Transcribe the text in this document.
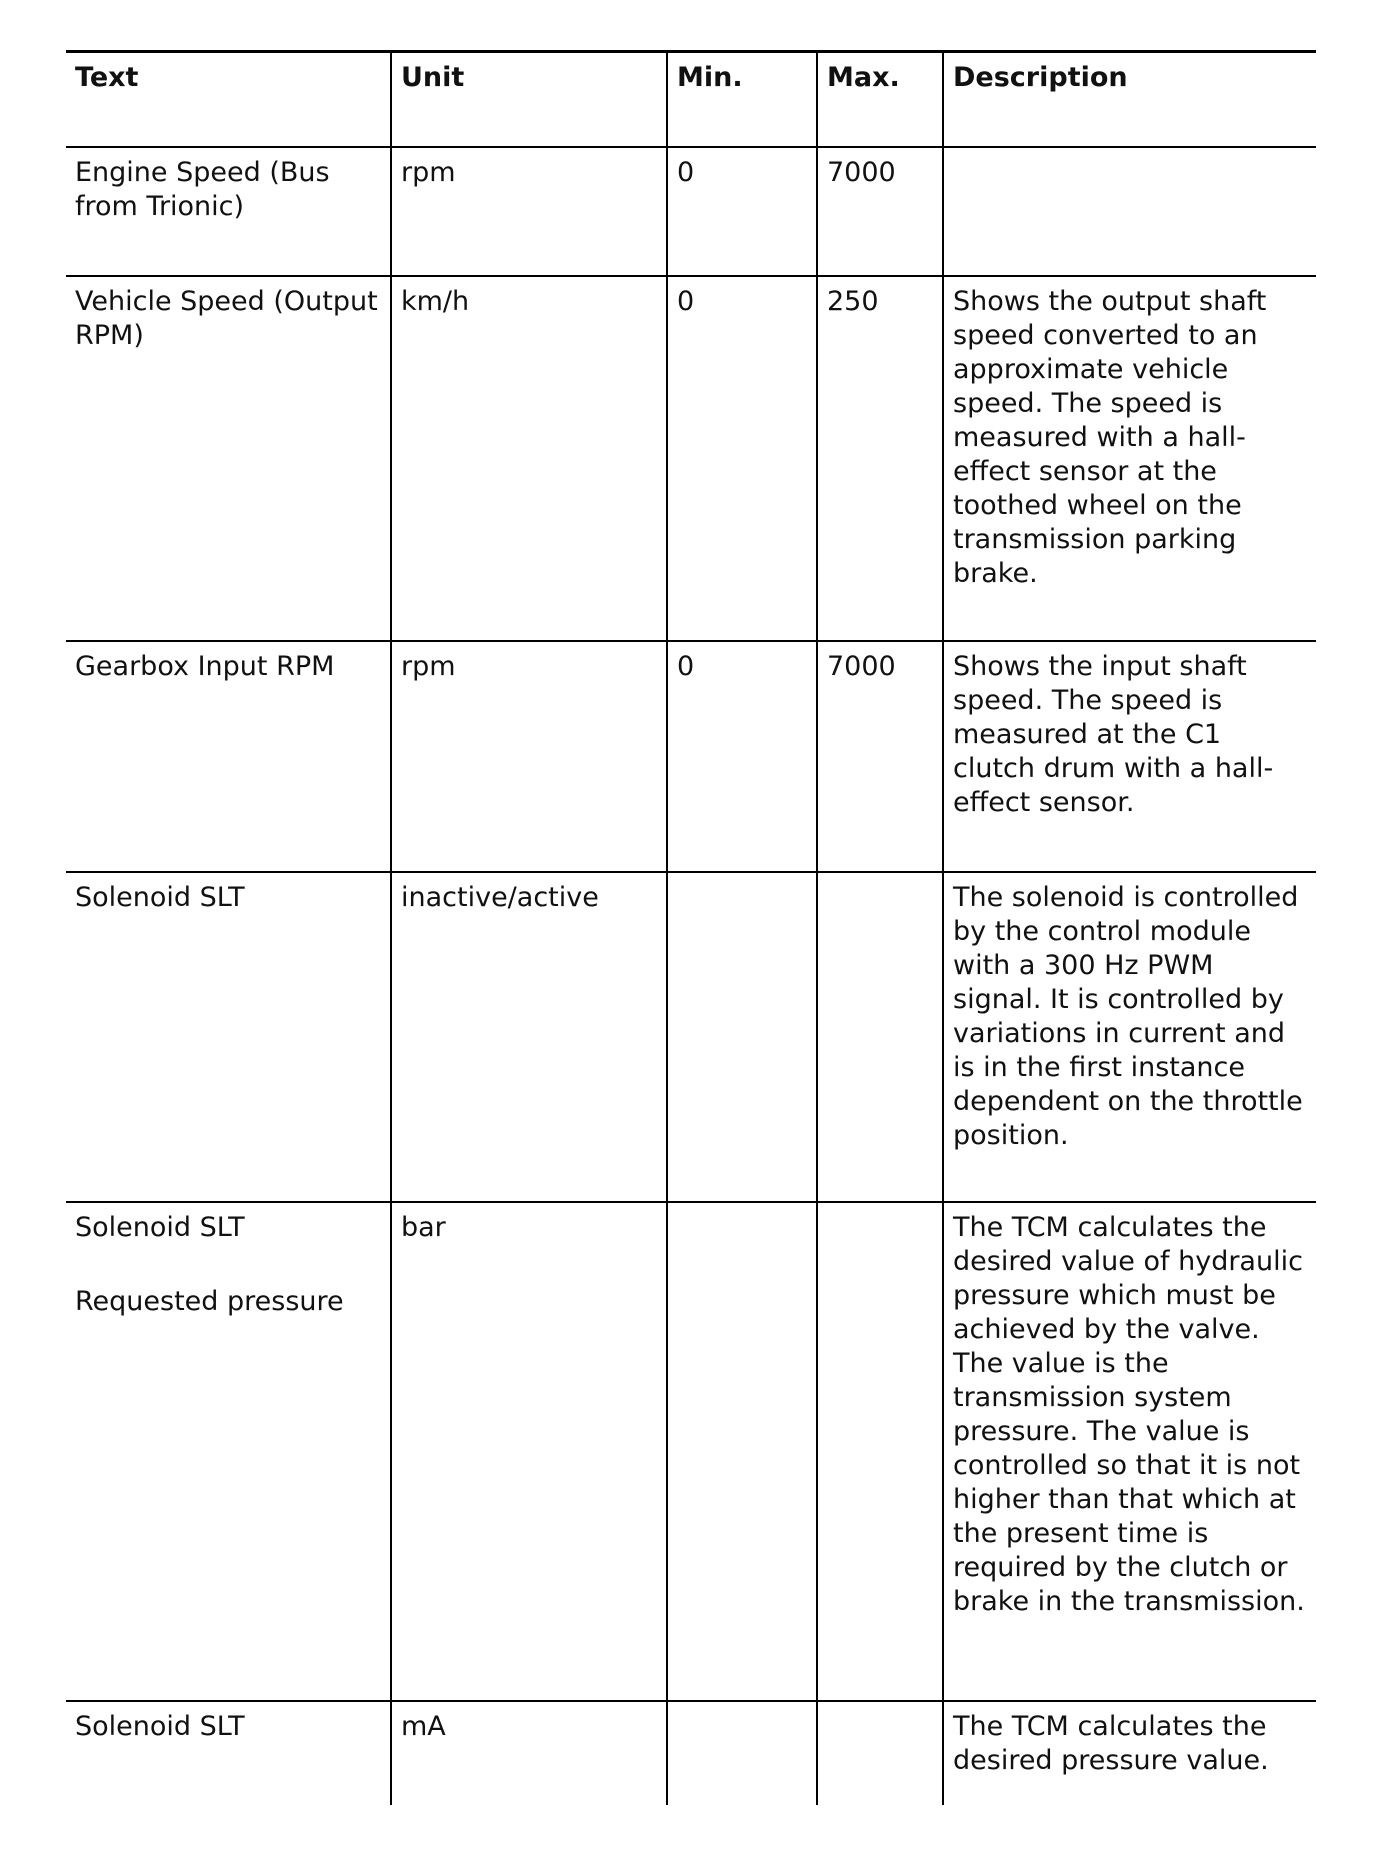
Text	Unit	Min.	Max.	Description
Engine Speed (Bus from Trionic)	rpm	0	7000	
Vehicle Speed (Output RPM)	km/h	0	250	Shows the output shaft speed converted to an approximate vehicle speed. The speed is measured with a hall-effect sensor at the toothed wheel on the transmission parking brake.
Gearbox Input RPM	rpm	0	7000	Shows the input shaft speed. The speed is measured at the C1 clutch drum with a hall-effect sensor.
Solenoid SLT	inactive/active			The solenoid is controlled by the control module with a 300 Hz PWM signal. It is controlled by variations in current and is in the first instance dependent on the throttle position.

Solenoid SLT
Requested pressure	bar			The TCM calculates the desired value of hydraulic pressure which must be achieved by the valve. The value is the transmission system pressure. The value is controlled so that it is not higher than that which at the present time is required by the clutch or brake in the transmission.
Solenoid SLT	mA			The TCM calculates the desired pressure value.
